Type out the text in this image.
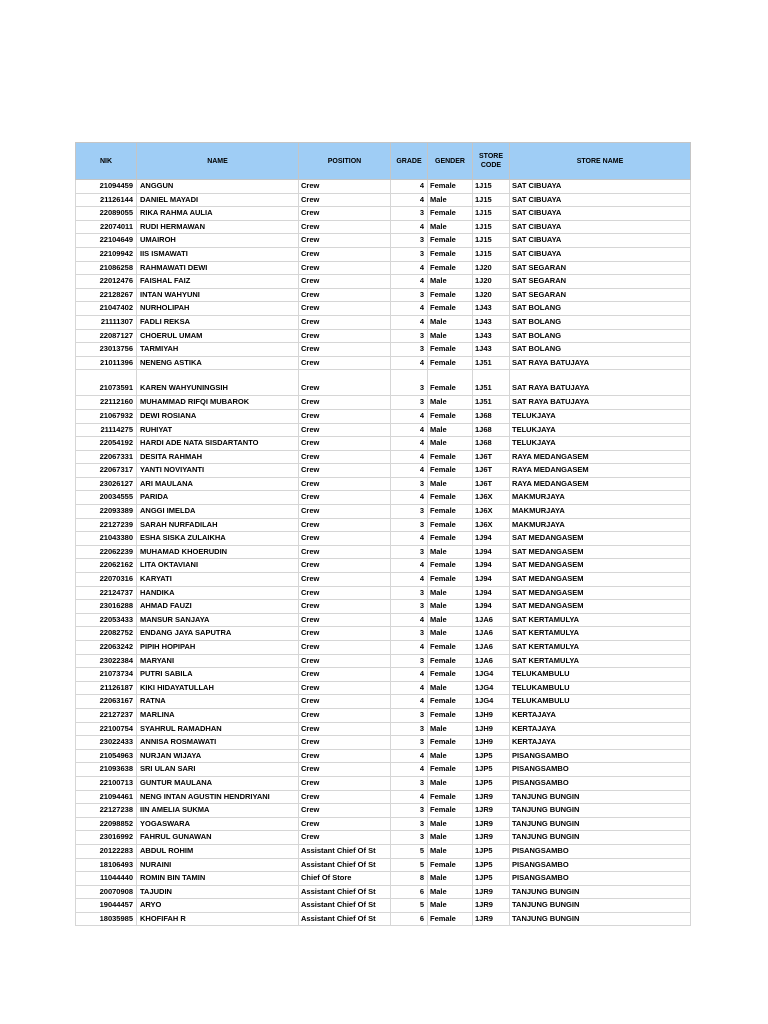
NIK	NAME	POSITION	GRADE	GENDER	STORE CODE	STORE NAME
21094459	ANGGUN	Crew	4	Female	1J15	SAT CIBUAYA
21126144	DANIEL MAYADI	Crew	4	Male	1J15	SAT CIBUAYA
22089055	RIKA RAHMA AULIA	Crew	3	Female	1J15	SAT CIBUAYA
22074011	RUDI HERMAWAN	Crew	4	Male	1J15	SAT CIBUAYA
22104649	UMAIROH	Crew	3	Female	1J15	SAT CIBUAYA
22109942	IIS ISMAWATI	Crew	3	Female	1J15	SAT CIBUAYA
21086258	RAHMAWATI DEWI	Crew	4	Female	1J20	SAT SEGARAN
22012476	FAISHAL FAIZ	Crew	4	Male	1J20	SAT SEGARAN
22128267	INTAN WAHYUNI	Crew	3	Female	1J20	SAT SEGARAN
21047402	NURHOLIPAH	Crew	4	Female	1J43	SAT BOLANG
21111307	FADLI REKSA	Crew	4	Male	1J43	SAT BOLANG
22087127	CHOERUL UMAM	Crew	3	Male	1J43	SAT BOLANG
23013756	TARMIYAH	Crew	3	Female	1J43	SAT BOLANG
21011396	NENENG ASTIKA	Crew	4	Female	1J51	SAT RAYA BATUJAYA
21073591	KAREN WAHYUNINGSIH	Crew	3	Female	1J51	SAT RAYA BATUJAYA
22112160	MUHAMMAD RIFQI MUBAROK	Crew	3	Male	1J51	SAT RAYA BATUJAYA
21067932	DEWI ROSIANA	Crew	4	Female	1J68	TELUKJAYA
21114275	RUHIYAT	Crew	4	Male	1J68	TELUKJAYA
22054192	HARDI ADE NATA SISDARTANTO	Crew	4	Male	1J68	TELUKJAYA
22067331	DESITA RAHMAH	Crew	4	Female	1J6T	RAYA MEDANGASEM
22067317	YANTI NOVIYANTI	Crew	4	Female	1J6T	RAYA MEDANGASEM
23026127	ARI MAULANA	Crew	3	Male	1J6T	RAYA MEDANGASEM
20034555	PARIDA	Crew	4	Female	1J6X	MAKMURJAYA
22093389	ANGGI IMELDA	Crew	3	Female	1J6X	MAKMURJAYA
22127239	SARAH NURFADILAH	Crew	3	Female	1J6X	MAKMURJAYA
21043380	ESHA SISKA ZULAIKHA	Crew	4	Female	1J94	SAT MEDANGASEM
22062239	MUHAMAD KHOERUDIN	Crew	3	Male	1J94	SAT MEDANGASEM
22062162	LITA OKTAVIANI	Crew	4	Female	1J94	SAT MEDANGASEM
22070316	KARYATI	Crew	4	Female	1J94	SAT MEDANGASEM
22124737	HANDIKA	Crew	3	Male	1J94	SAT MEDANGASEM
23016288	AHMAD FAUZI	Crew	3	Male	1J94	SAT MEDANGASEM
22053433	MANSUR SANJAYA	Crew	4	Male	1JA6	SAT KERTAMULYA
22082752	ENDANG JAYA SAPUTRA	Crew	3	Male	1JA6	SAT KERTAMULYA
22063242	PIPIH HOPIPAH	Crew	4	Female	1JA6	SAT KERTAMULYA
23022384	MARYANI	Crew	3	Female	1JA6	SAT KERTAMULYA
21073734	PUTRI SABILA	Crew	4	Female	1JG4	TELUKAMBULU
21126187	KIKI HIDAYATULLAH	Crew	4	Male	1JG4	TELUKAMBULU
22063167	RATNA	Crew	4	Female	1JG4	TELUKAMBULU
22127237	MARLINA	Crew	3	Female	1JH9	KERTAJAYA
22100754	SYAHRUL RAMADHAN	Crew	3	Male	1JH9	KERTAJAYA
23022433	ANNISA ROSMAWATI	Crew	3	Female	1JH9	KERTAJAYA
21054963	NURJAN WIJAYA	Crew	4	Male	1JP5	PISANGSAMBO
21093638	SRI ULAN SARI	Crew	4	Female	1JP5	PISANGSAMBO
22100713	GUNTUR MAULANA	Crew	3	Male	1JP5	PISANGSAMBO
21094461	NENG INTAN AGUSTIN HENDRIYANI	Crew	4	Female	1JR9	TANJUNG BUNGIN
22127238	IIN AMELIA SUKMA	Crew	3	Female	1JR9	TANJUNG BUNGIN
22098852	YOGASWARA	Crew	3	Male	1JR9	TANJUNG BUNGIN
23016992	FAHRUL GUNAWAN	Crew	3	Male	1JR9	TANJUNG BUNGIN
20122283	ABDUL ROHIM	Assistant Chief Of St	5	Male	1JP5	PISANGSAMBO
18106493	NURAINI	Assistant Chief Of St	5	Female	1JP5	PISANGSAMBO
11044440	ROMIN BIN TAMIN	Chief Of Store	8	Male	1JP5	PISANGSAMBO
20070908	TAJUDIN	Assistant Chief Of St	6	Male	1JR9	TANJUNG BUNGIN
19044457	ARYO	Assistant Chief Of St	5	Male	1JR9	TANJUNG BUNGIN
18035985	KHOFIFAH R	Assistant Chief Of St	6	Female	1JR9	TANJUNG BUNGIN
